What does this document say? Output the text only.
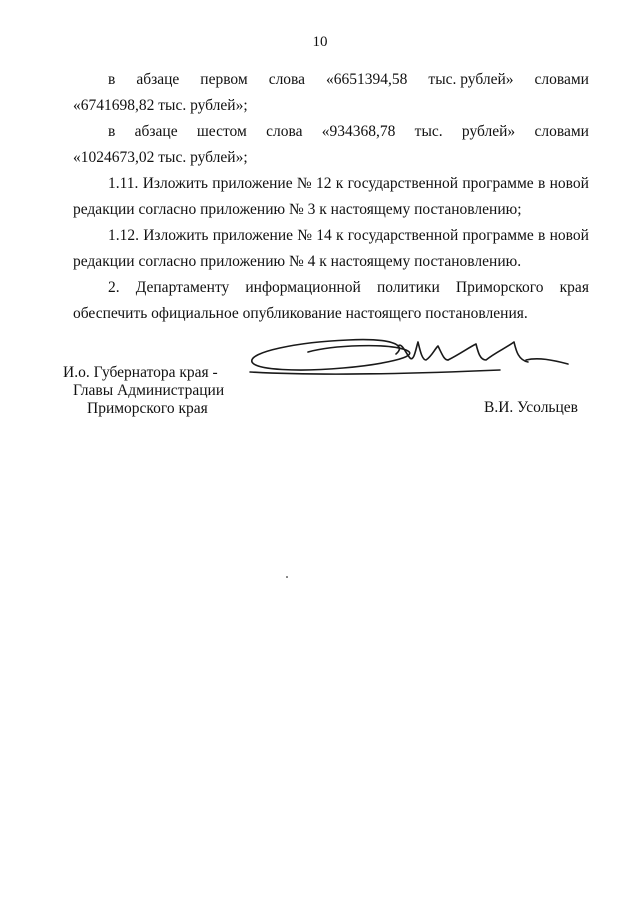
10
в абзаце первом слова «6651394,58 тыс. рублей» словами
«6741698,82 тыс. рублей»;
в абзаце шестом слова «934368,78 тыс. рублей» словами
«1024673,02 тыс. рублей»;
1.11. Изложить приложение № 12 к государственной программе в новой
редакции согласно приложению № 3 к настоящему постановлению;
1.12. Изложить приложение № 14 к государственной программе в новой
редакции согласно приложению № 4 к настоящему постановлению.
2. Департаменту информационной политики Приморского края
обеспечить официальное опубликование настоящего постановления.
И.о. Губернатора края -
Главы Администрации
Приморского края	В.И. Усольцев
